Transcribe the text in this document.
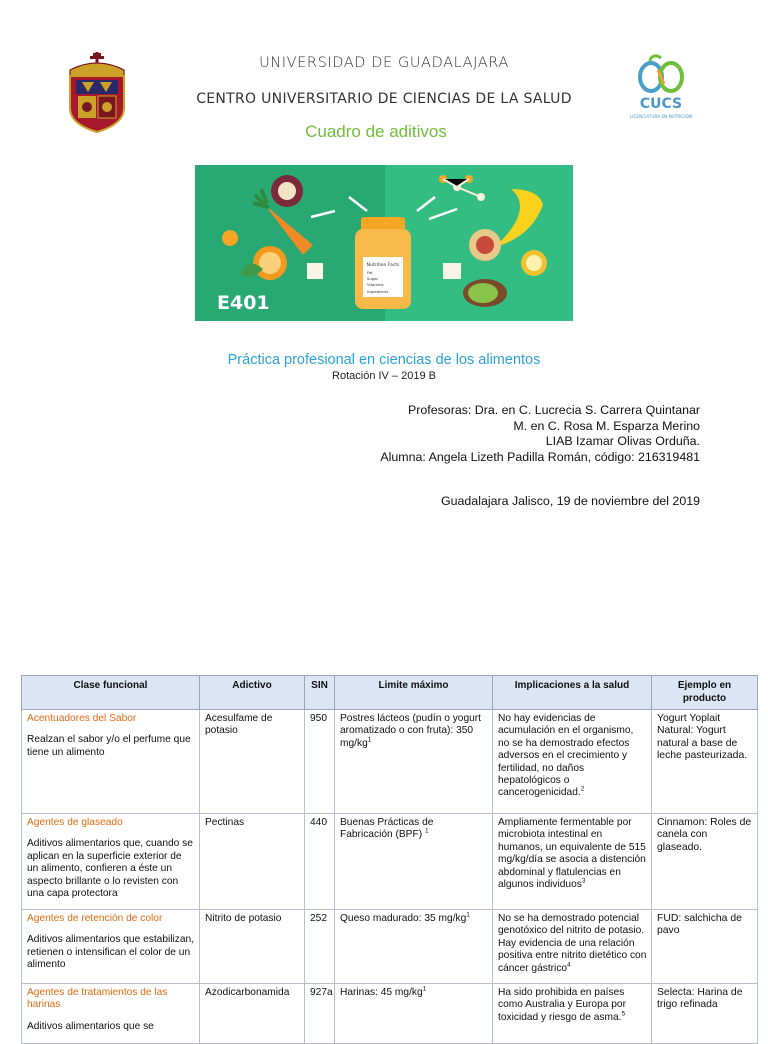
CUCS
LICENCIATURA EN NUTRICIÓN
UNIVERSIDAD DE GUADALAJARA
CENTRO UNIVERSITARIO DE CIENCIAS DE LA SALUD
Cuadro de aditivos
Nutrition Facts
Fat
Sugar
Vitamins
Ingredients
E401
Práctica profesional en ciencias de los alimentos
Rotación IV – 2019 B
Profesoras: Dra. en C. Lucrecia S. Carrera Quintanar
M. en C. Rosa M. Esparza Merino
LIAB Izamar Olivas Orduña.
Alumna: Angela Lizeth Padilla Román, código: 216319481
Guadalajara Jalisco, 19 de noviembre del 2019
Clase funcional	Adictivo	SIN	Limite máximo	Implicaciones a la salud	Ejemplo en producto

Acentuadores del Sabor
Realzan el sabor y/o el perfume que tiene un alimento	Acesulfame de potasio	950	Postres lácteos (pudín o yogurt aromatizado o con fruta): 350 mg/kg$^1$	No hay evidencias de acumulación en el organismo, no se ha demostrado efectos adversos en el crecimiento y fertilidad, no daños hepatológicos o cancerogenicidad.$^2$	Yogurt Yoplait Natural: Yogurt natural a base de leche pasteurizada.

Agentes de glaseado
Aditivos alimentarios que, cuando se aplican en la superficie exterior de un alimento, confieren a éste un aspecto brillante o lo revisten con una capa protectora	Pectinas	440	Buenas Prácticas de Fabricación (BPF) $^1$	Ampliamente fermentable por microbiota intestinal en humanos, un equivalente de 515 mg/kg/día se asocia a distención abdominal y flatulencias en algunos individuos$^3$	Cinnamon: Roles de canela con glaseado.

Agentes de retención de color
Aditivos alimentarios que estabilizan, retienen o intensifican el color de un alimento	Nitrito de potasio	252	Queso madurado: 35 mg/kg$^1$	No se ha demostrado potencial genotóxico del nitrito de potasio. Hay evidencia de una relación positiva entre nitrito dietético con cáncer gástrico$^4$	FUD: salchicha de pavo

Agentes de tratamientos de las harinas
Aditivos alimentarios que se	Azodicarbonamida	927a	Harinas: 45 mg/kg$^1$	Ha sido prohibida en países como Australia y Europa por toxicidad y riesgo de asma.$^5$	Selecta: Harina de trigo refinada
